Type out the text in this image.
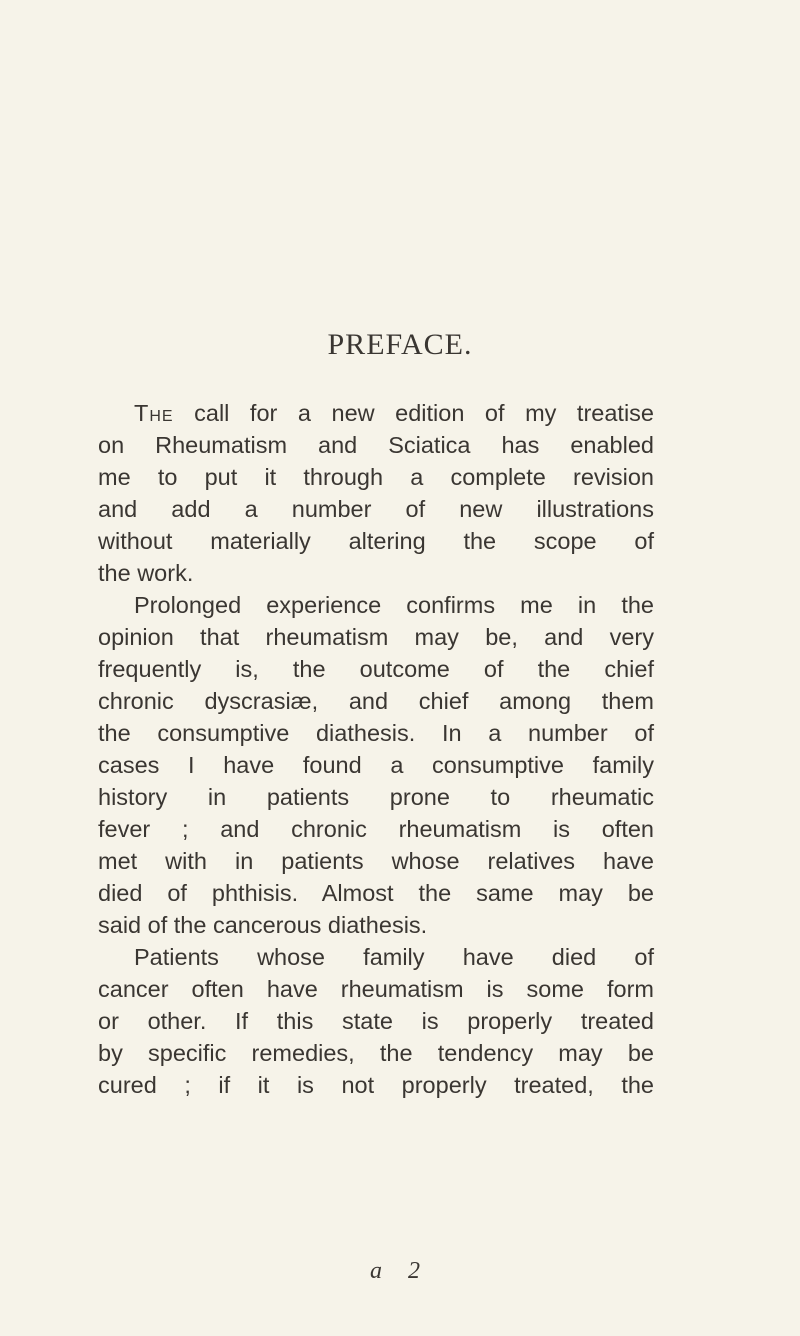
PREFACE.
The call for a new edition of my treatise
on Rheumatism and Sciatica has enabled
me to put it through a complete revision
and add a number of new illustrations
without materially altering the scope of
the work.
Prolonged experience confirms me in the
opinion that rheumatism may be, and very
frequently is, the outcome of the chief
chronic dyscrasiæ, and chief among them
the consumptive diathesis. In a number of
cases I have found a consumptive family
history in patients prone to rheumatic
fever ; and chronic rheumatism is often
met with in patients whose relatives have
died of phthisis. Almost the same may be
said of the cancerous diathesis.
Patients whose family have died of
cancer often have rheumatism is some form
or other. If this state is properly treated
by specific remedies, the tendency may be
cured ; if it is not properly treated, the
a 2
